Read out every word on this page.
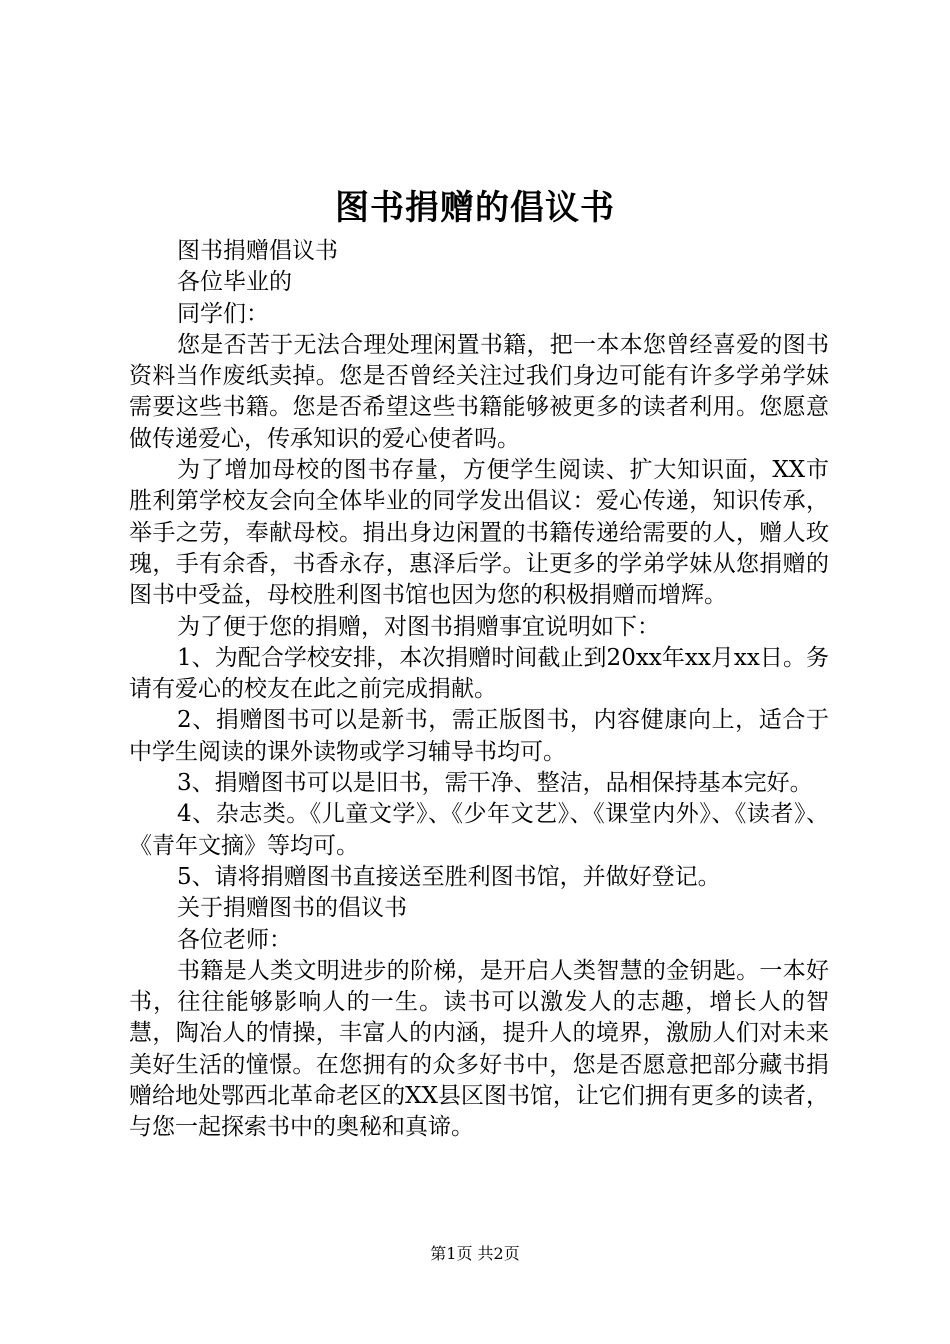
图书捐赠的倡议书

图书捐赠倡议书

各位毕业的

同学们：

您是否苦于无法合理处理闲置书籍，把一本本您曾经喜爱的图书资料当作废纸卖掉。您是否曾经关注过我们身边可能有许多学弟学妹需要这些书籍。您是否希望这些书籍能够被更多的读者利用。您愿意做传递爱心，传承知识的爱心使者吗。

为了增加母校的图书存量，方便学生阅读、扩大知识面，XX市胜利第学校友会向全体毕业的同学发出倡议：爱心传递，知识传承，举手之劳，奉献母校。捐出身边闲置的书籍传递给需要的人，赠人玫瑰，手有余香，书香永存，惠泽后学。让更多的学弟学妹从您捐赠的图书中受益，母校胜利图书馆也因为您的积极捐赠而增辉。

为了便于您的捐赠，对图书捐赠事宜说明如下：

1、为配合学校安排，本次捐赠时间截止到20xx年xx月xx日。务请有爱心的校友在此之前完成捐献。

2、捐赠图书可以是新书，需正版图书，内容健康向上，适合于中学生阅读的课外读物或学习辅导书均可。

3、捐赠图书可以是旧书，需干净、整洁，品相保持基本完好。

4、杂志类。《儿童文学》、《少年文艺》、《课堂内外》、《读者》、《青年文摘》等均可。

5、请将捐赠图书直接送至胜利图书馆，并做好登记。

关于捐赠图书的倡议书

各位老师：

书籍是人类文明进步的阶梯，是开启人类智慧的金钥匙。一本好书，往往能够影响人的一生。读书可以激发人的志趣，增长人的智慧，陶冶人的情操，丰富人的内涵，提升人的境界，激励人们对未来美好生活的憧憬。在您拥有的众多好书中，您是否愿意把部分藏书捐赠给地处鄂西北革命老区的XX县区图书馆，让它们拥有更多的读者，与您一起探索书中的奥秘和真谛。

第1页 共2页
